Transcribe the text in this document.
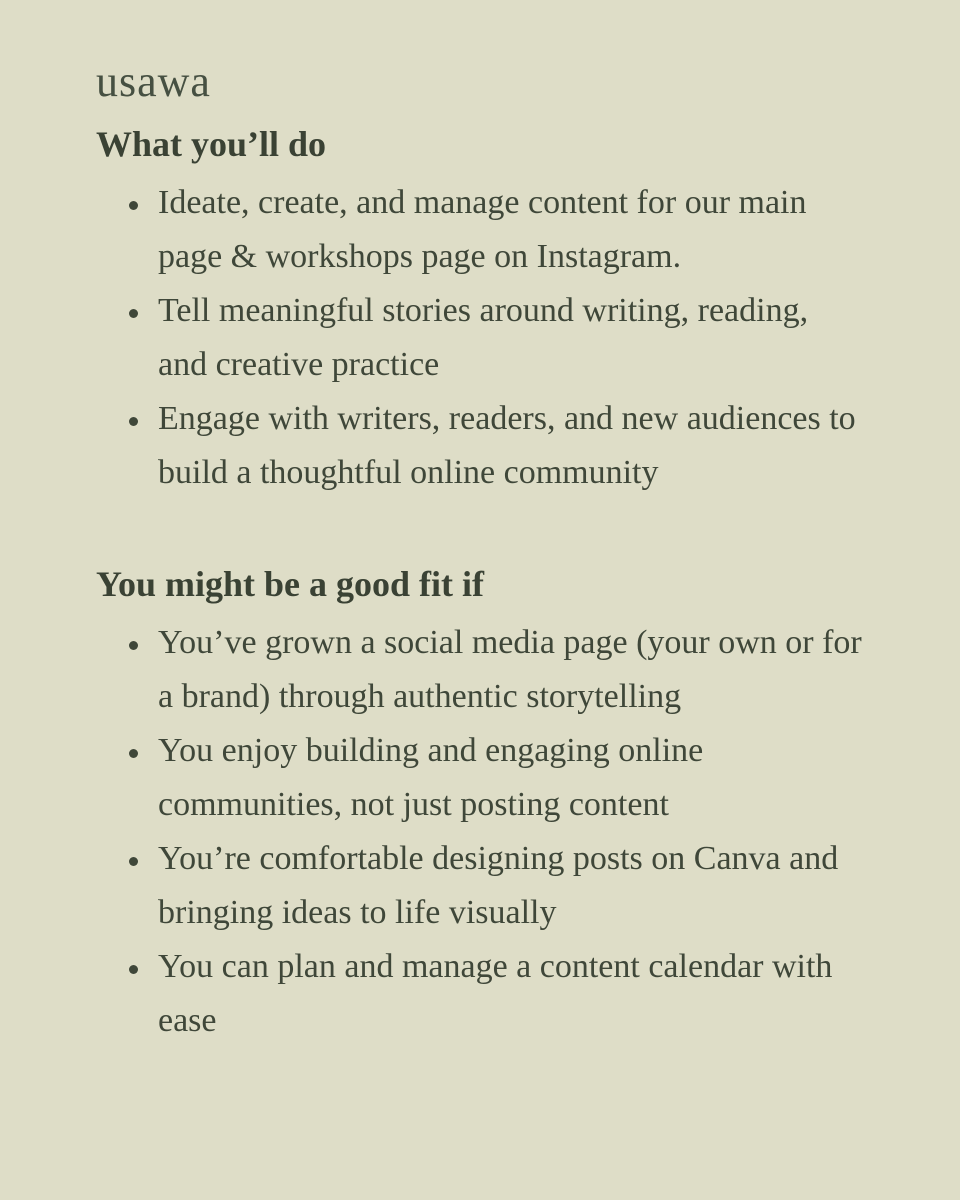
usawa
What you’ll do
Ideate, create, and manage content for our main page & workshops page on Instagram.
Tell meaningful stories around writing, reading, and creative practice
Engage with writers, readers, and new audiences to build a thoughtful online community
You might be a good fit if
You’ve grown a social media page (your own or for a brand) through authentic storytelling
You enjoy building and engaging online communities, not just posting content
You’re comfortable designing posts on Canva and bringing ideas to life visually
You can plan and manage a content calendar with ease
